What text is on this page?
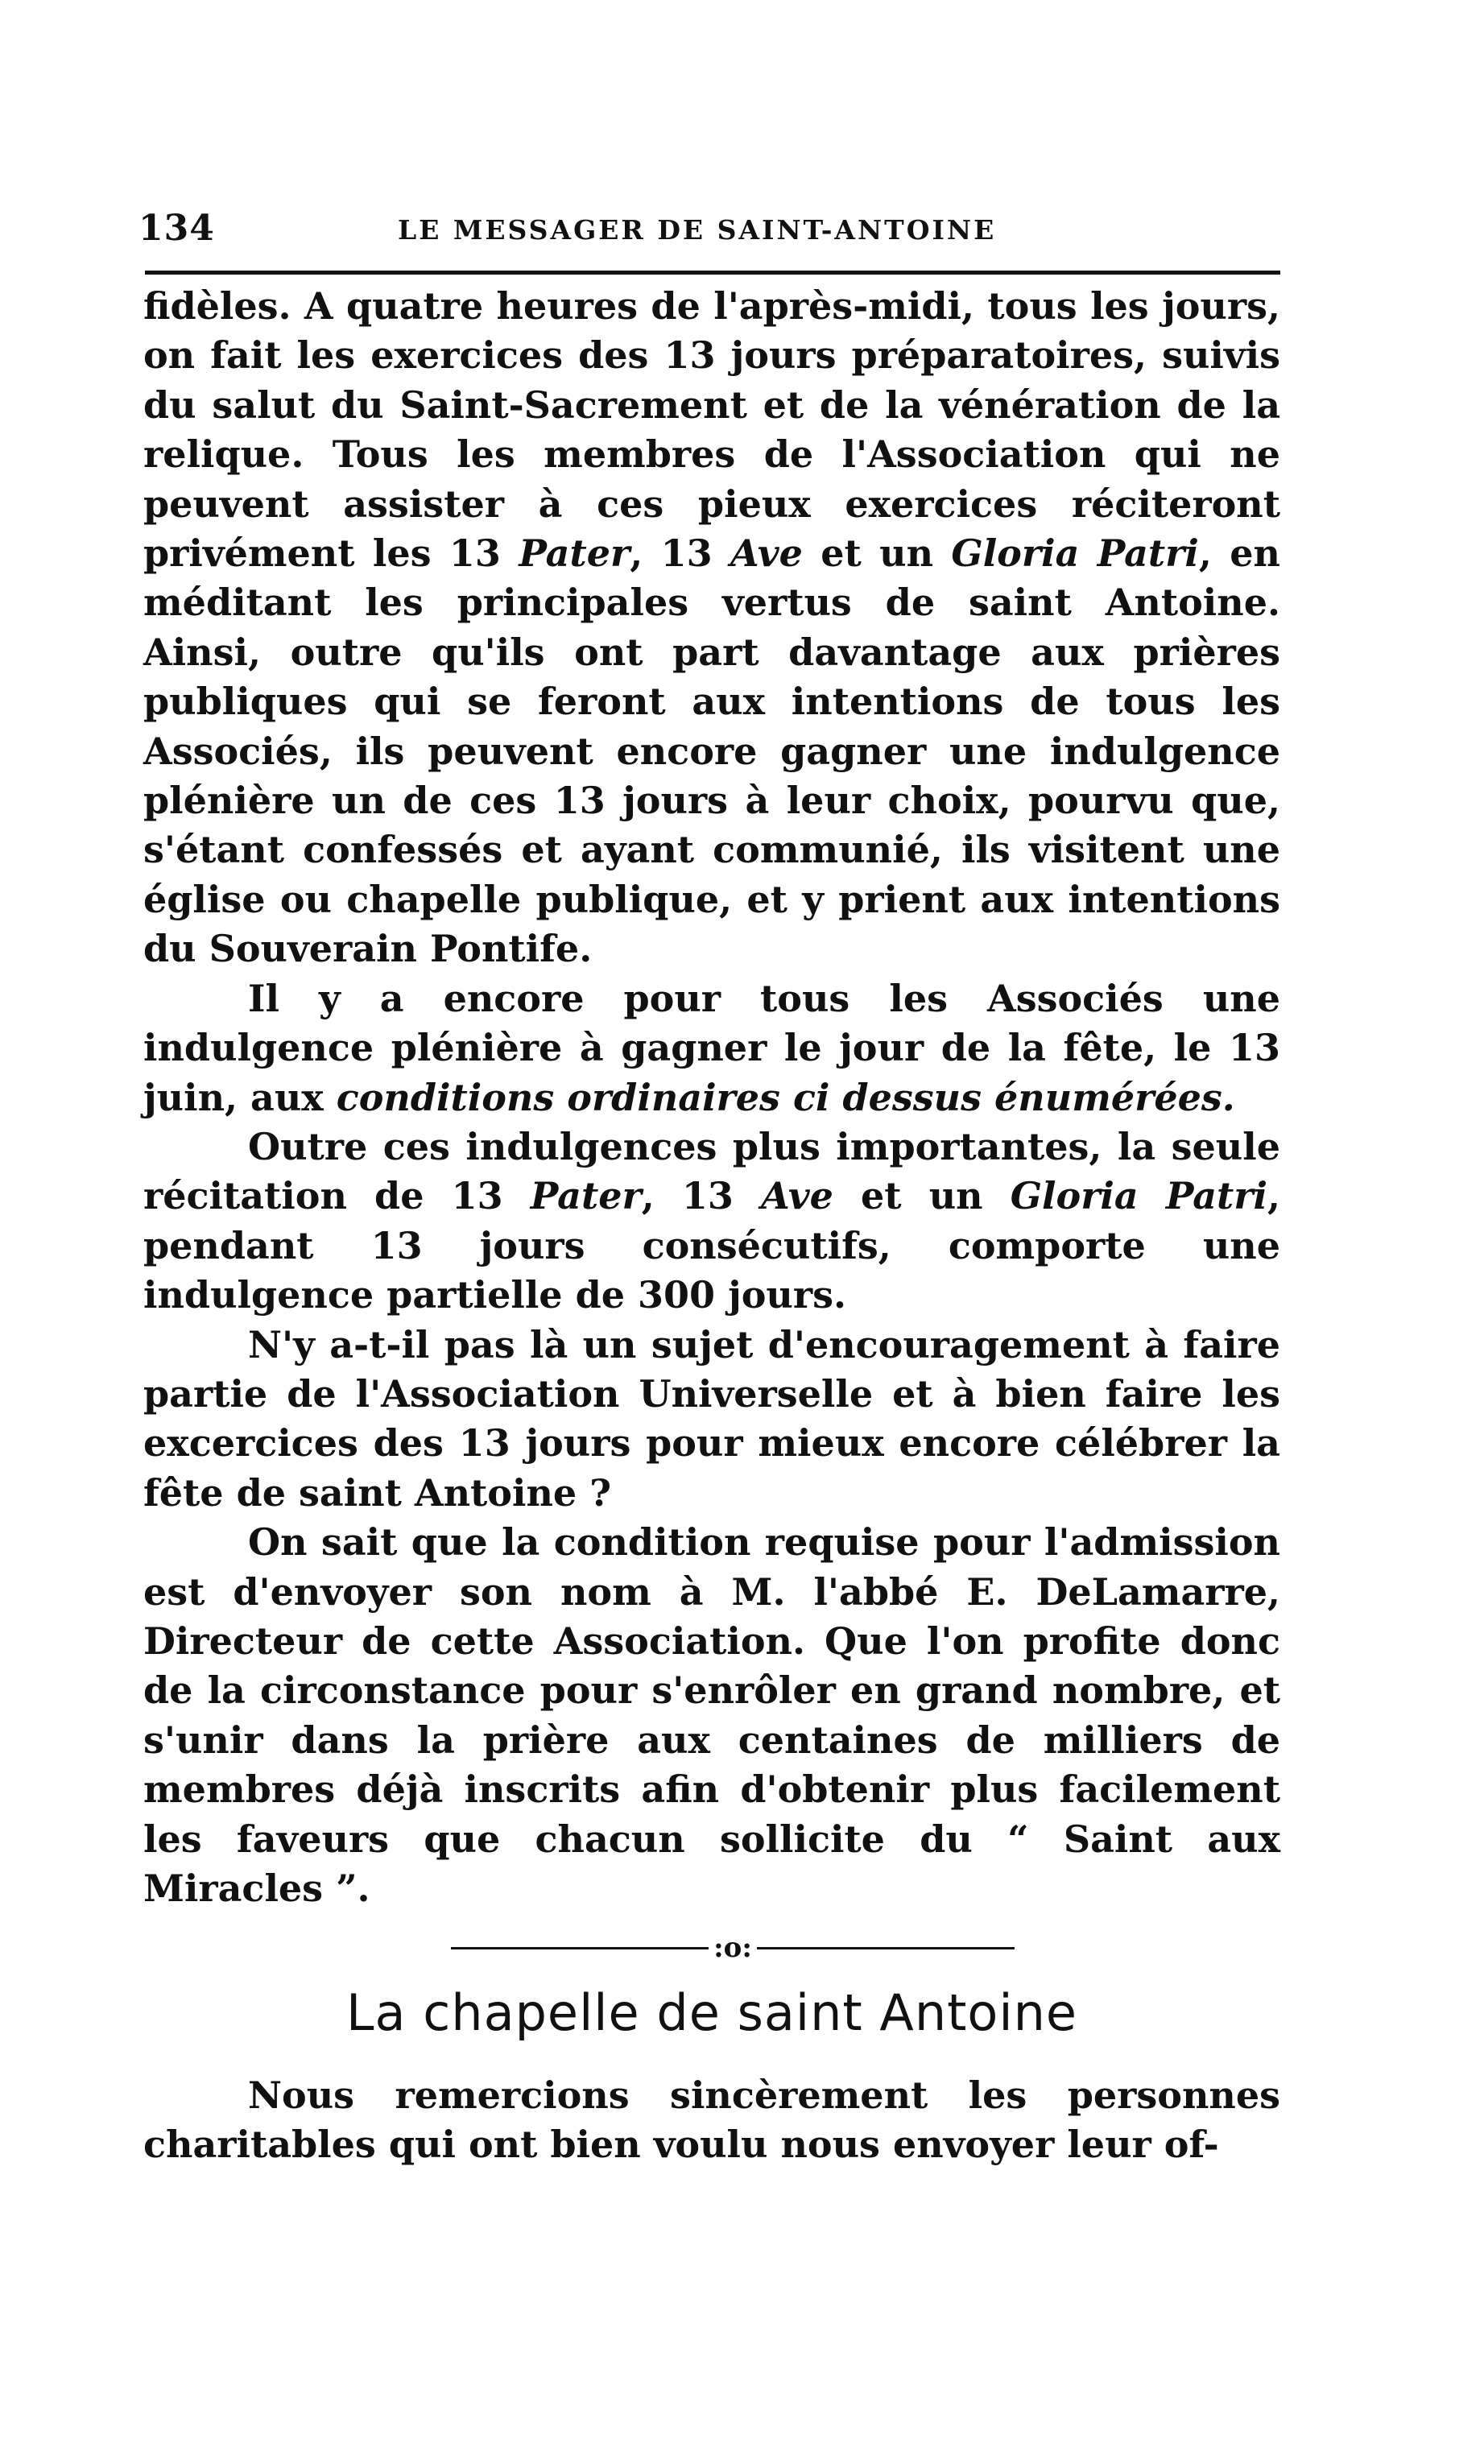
134	LE MESSAGER DE SAINT-ANTOINE

fidèles. A quatre heures de l'après-midi, tous les jours, on fait les exercices des 13 jours préparatoires, suivis du salut du Saint-Sacrement et de la vénération de la relique. Tous les membres de l'Association qui ne peuvent assister à ces pieux exercices réciteront privément les 13 Pater, 13 Ave et un Gloria Patri, en méditant les principales vertus de saint Antoine. Ainsi, outre qu'ils ont part davantage aux prières publiques qui se feront aux intentions de tous les Associés, ils peuvent encore gagner une indulgence plénière un de ces 13 jours à leur choix, pourvu que, s'étant confessés et ayant communié, ils visitent une église ou chapelle publique, et y prient aux intentions du Souverain Pontife.

Il y a encore pour tous les Associés une indulgence plénière à gagner le jour de la fête, le 13 juin, aux conditions ordinaires ci dessus énumérées.

Outre ces indulgences plus importantes, la seule récitation de 13 Pater, 13 Ave et un Gloria Patri, pendant 13 jours consécutifs, comporte une indulgence partielle de 300 jours.

N'y a-t-il pas là un sujet d'encouragement à faire partie de l'Association Universelle et à bien faire les excercices des 13 jours pour mieux encore célébrer la fête de saint Antoine ?

On sait que la condition requise pour l'admission est d'envoyer son nom à M. l'abbé E. DeLamarre, Directeur de cette Association. Que l'on profite donc de la circonstance pour s'enrôler en grand nombre, et s'unir dans la prière aux centaines de milliers de membres déjà inscrits afin d'obtenir plus facilement les faveurs que chacun sollicite du “ Saint aux Miracles ”.

:o:
La chapelle de saint Antoine

Nous remercions sincèrement les personnes charitables qui ont bien voulu nous envoyer leur of-
